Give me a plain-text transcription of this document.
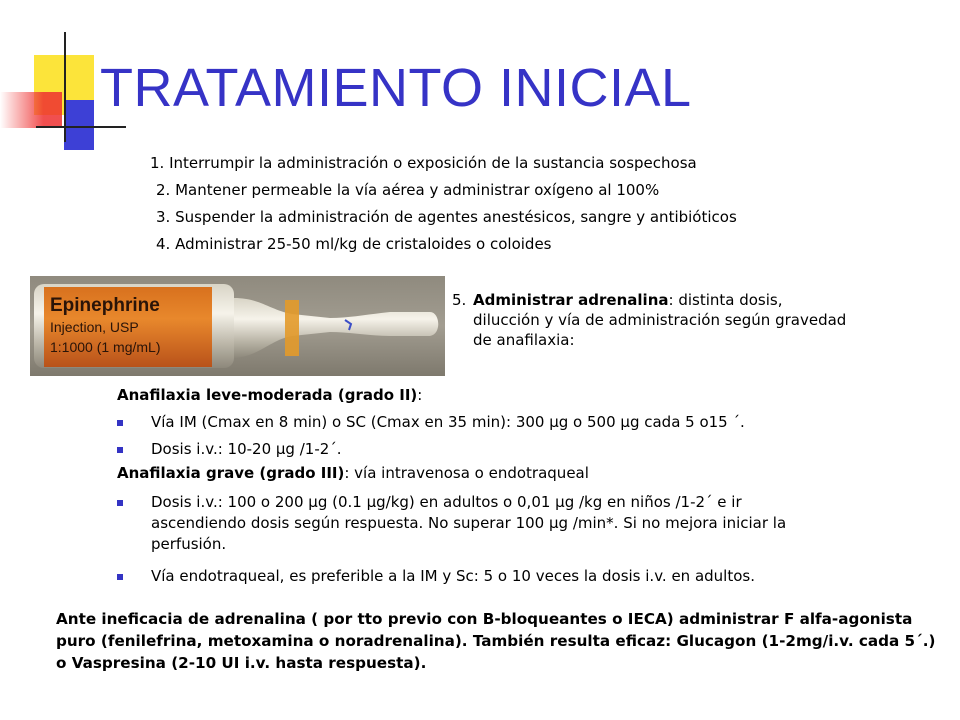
TRATAMIENTO INICIAL
1. Interrumpir la administración o exposición de la sustancia sospechosa
2. Mantener permeable la vía aérea y administrar oxígeno al 100%
3. Suspender la administración de agentes anestésicos, sangre y antibióticos
4. Administrar 25-50 ml/kg de cristaloides o coloides
Epinephrine
Injection, USP
1:1000 (1 mg/mL)
5. Administrar adrenalina: distinta dosis, dilucción y vía de administración según gravedad de anafilaxia:
Anafilaxia leve-moderada (grado II):
Vía IM (Cmax en 8 min) o SC (Cmax en 35 min): 300 µg o 500 µg cada 5 o15 ´.
Dosis i.v.: 10-20 µg /1-2´.
Anafilaxia grave (grado III): vía intravenosa o endotraqueal
Dosis i.v.: 100 o 200 µg (0.1 µg/kg) en adultos o 0,01 µg /kg en niños /1-2´ e ir ascendiendo dosis según respuesta. No superar 100 µg /min*. Si no mejora iniciar la perfusión.
Vía endotraqueal, es preferible a la IM y Sc: 5 o 10 veces la dosis i.v. en adultos.

Ante ineficacia de adrenalina ( por tto previo con B-bloqueantes o IECA) administrar F alfa-agonista puro (fenilefrina, metoxamina o noradrenalina). También resulta eficaz: Glucagon (1-2mg/i.v. cada 5´.) o Vaspresina (2-10 UI i.v. hasta respuesta).
